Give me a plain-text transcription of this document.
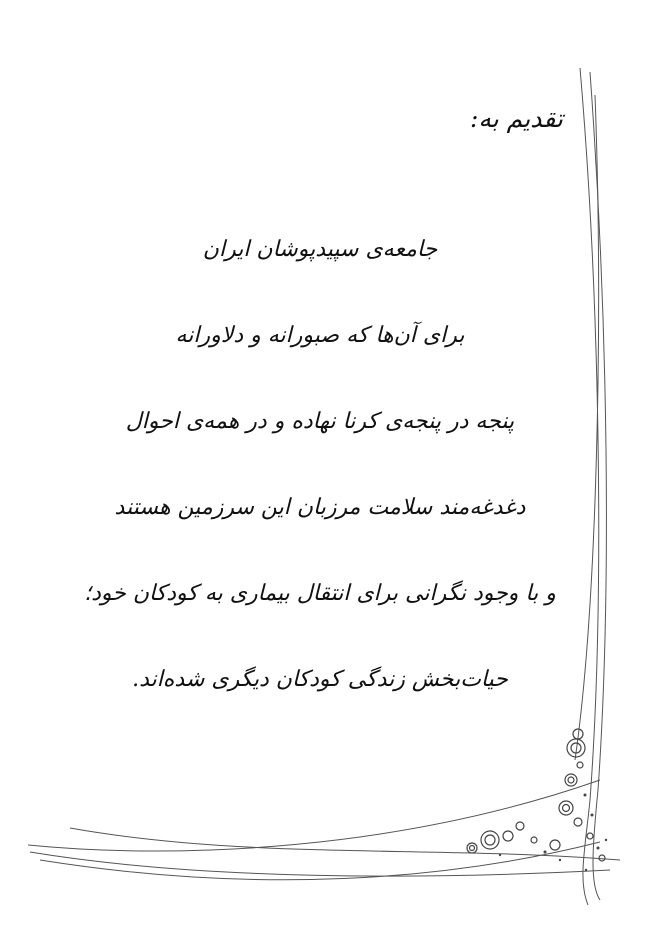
تقدیم به:
جامعه‌ی سپیدپوشان ایران
برای آن‌ها که صبورانه و دلاورانه
پنجه در پنجه‌ی کرنا نهاده و در همه‌ی احوال
دغدغه‌مند سلامت مرزبان این سرزمین هستند
و با وجود نگرانی برای انتقال بیماری به کودکان خود؛
حیات‌بخش زندگی کودکان دیگری شده‌اند.
